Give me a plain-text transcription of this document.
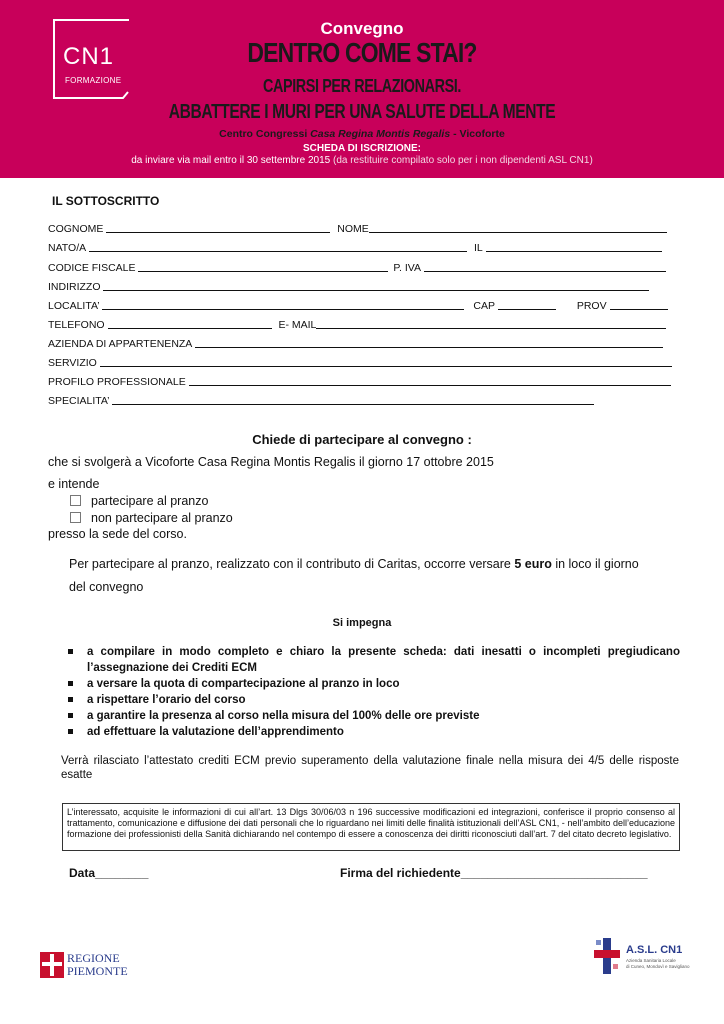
CN1
FORMAZIONE
Convegno
DENTRO COME STAI?
CAPIRSI PER RELAZIONARSI.
ABBATTERE I MURI PER UNA SALUTE DELLA MENTE
Centro Congressi Casa Regina Montis Regalis - Vicoforte
SCHEDA DI ISCRIZIONE:
da inviare via mail entro il 30 settembre 2015 (da restituire compilato solo per i non dipendenti ASL CN1)
IL SOTTOSCRITTO
COGNOME	NOME
NATO/A	IL
CODICE FISCALE	P. IVA
INDIRIZZO
LOCALITA’	CAP	PROV
TELEFONO	E- MAIL
AZIENDA DI APPARTENENZA
SERVIZIO
PROFILO PROFESSIONALE
SPECIALITA’
Chiede di partecipare al convegno :
che si svolgerà a Vicoforte Casa Regina Montis Regalis il giorno 17 ottobre 2015
e intende
partecipare al pranzo
non partecipare al pranzo
presso la sede del corso.
Per partecipare al pranzo, realizzato con il contributo di Caritas, occorre versare 5 euro in loco il giorno
del convegno
Si impegna
a compilare in modo completo e chiaro la presente scheda: dati inesatti o incompleti pregiudicano l’assegnazione dei Crediti ECM
a versare la quota di compartecipazione al pranzo in loco
a rispettare l’orario del corso
a garantire la presenza al corso nella misura del 100% delle ore previste
ad effettuare la valutazione dell’apprendimento
Verrà rilasciato l’attestato crediti ECM previo superamento della valutazione finale nella misura dei 4/5 delle risposte esatte
L’interessato, acquisite le informazioni di cui all’art. 13 Dlgs 30/06/03 n 196 successive modificazioni ed integrazioni, conferisce il proprio consenso al trattamento, comunicazione e diffusione dei dati personali che lo riguardano nei limiti delle finalità istituzionali dell’ASL CN1, - nell’ambito dell’educazione formazione dei professionisti della Sanità dichiarando nel contempo di essere a conoscenza dei diritti riconosciuti dall’art. 7 del citato decreto legislativo.
Data________	Firma del richiedente____________________________
REGIONE
PIEMONTE
A.S.L. CN1
Azienda Sanitaria Locale
di Cuneo, Mondovì e Savigliano
